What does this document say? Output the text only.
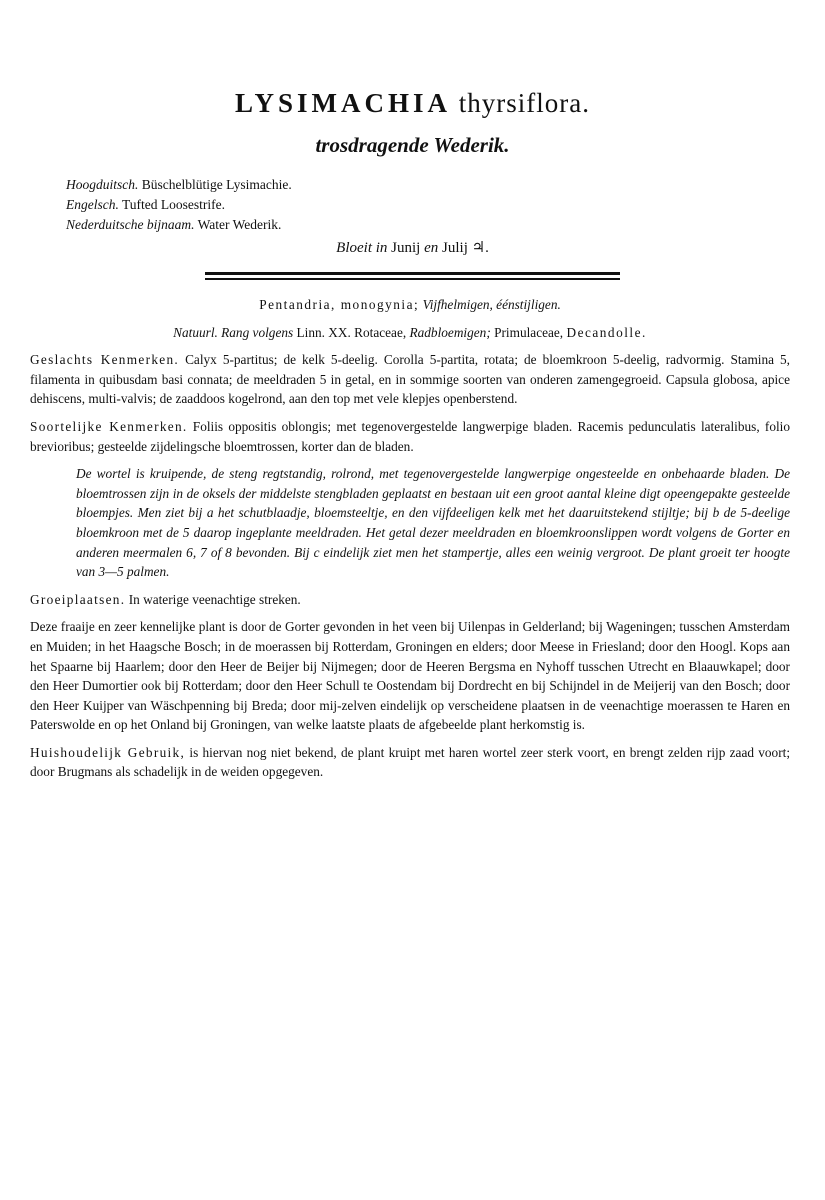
LYSIMACHIA thyrsiflora.
trosdragende Wederik.
Hoogduitsch. Büschelblütige Lysimachie.
Engelsch. Tufted Loosestrife.
Nederduitsche bijnaam. Water Wederik.
Bloeit in Junij en Julij ♃.

Pentandria, monogynia; Vijfhelmigen, éénstijligen.

Natuurl. Rang volgens Linn. XX. Rotaceae, Radbloemigen; Primulaceae, Decandolle.

Geslachts Kenmerken. Calyx 5-partitus; de kelk 5-deelig. Corolla 5-partita, rotata; de bloemkroon 5-deelig, radvormig. Stamina 5, filamenta in quibusdam basi connata; de meeldraden 5 in getal, en in sommige soorten van onderen zamengegroeid. Capsula globosa, apice dehiscens, multi-valvis; de zaaddoos kogelrond, aan den top met vele klepjes openberstend.

Soortelijke Kenmerken. Foliis oppositis oblongis; met tegenovergestelde langwerpige bladen. Racemis pedunculatis lateralibus, folio brevioribus; gesteelde zijdelingsche bloemtrossen, korter dan de bladen.

De wortel is kruipende, de steng regtstandig, rolrond, met tegenovergestelde langwerpige ongesteelde en onbehaarde bladen. De bloemtrossen zijn in de oksels der middelste stengbladen geplaatst en bestaan uit een groot aantal kleine digt opeengepakte gesteelde bloempjes. Men ziet bij a het schutblaadje, bloemsteeltje, en den vijfdeeligen kelk met het daaruitstekend stijltje; bij b de 5-deelige bloemkroon met de 5 daarop ingeplante meeldraden. Het getal dezer meeldraden en bloemkroonslippen wordt volgens de Gorter en anderen meermalen 6, 7 of 8 bevonden. Bij c eindelijk ziet men het stampertje, alles een weinig vergroot. De plant groeit ter hoogte van 3—5 palmen.

Groeiplaatsen. In waterige veenachtige streken.

Deze fraaije en zeer kennelijke plant is door de Gorter gevonden in het veen bij Uilenpas in Gelderland; bij Wageningen; tusschen Amsterdam en Muiden; in het Haagsche Bosch; in de moerassen bij Rotterdam, Groningen en elders; door Meese in Friesland; door den Hoogl. Kops aan het Spaarne bij Haarlem; door den Heer de Beijer bij Nijmegen; door de Heeren Bergsma en Nyhoff tusschen Utrecht en Blaauwkapel; door den Heer Dumortier ook bij Rotterdam; door den Heer Schull te Oostendam bij Dordrecht en bij Schijndel in de Meijerij van den Bosch; door den Heer Kuijper van Wäschpenning bij Breda; door mij-zelven eindelijk op verscheidene plaatsen in de veenachtige moerassen te Haren en Paterswolde en op het Onland bij Groningen, van welke laatste plaats de afgebeelde plant herkomstig is.

Huishoudelijk Gebruik, is hiervan nog niet bekend, de plant kruipt met haren wortel zeer sterk voort, en brengt zelden rijp zaad voort; door Brugmans als schadelijk in de weiden opgegeven.
